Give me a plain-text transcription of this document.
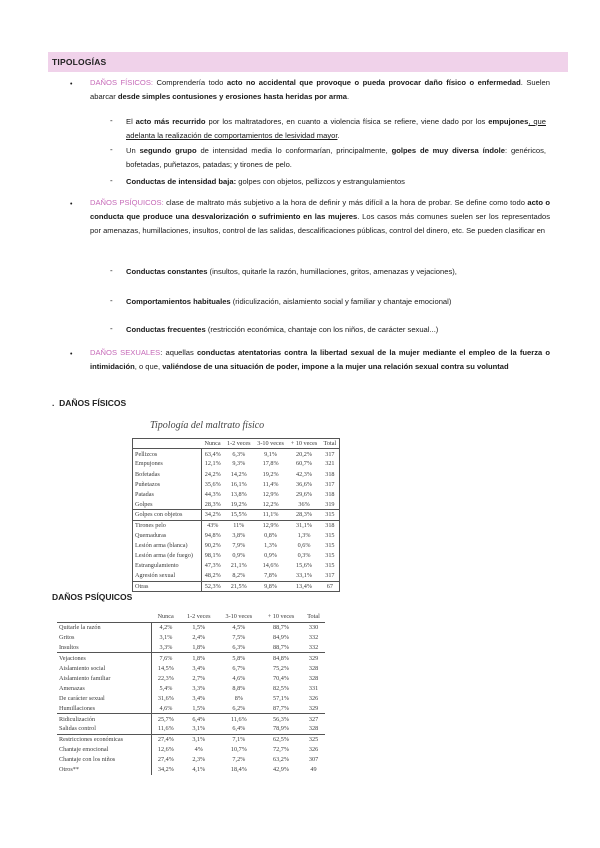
TIPOLOGÍAS
• DAÑOS FÍSICOS: Comprendería todo acto no accidental que provoque o pueda provocar daño físico o enfermedad. Suelen abarcar desde simples contusiones y erosiones hasta heridas por arma.

- El acto más recurrido por los maltratadores, en cuanto a violencia física se refiere, viene dado por los empujones, que adelanta la realización de comportamientos de lesividad mayor.

- Un segundo grupo de intensidad media lo conformarían, principalmente, golpes de muy diversa índole: genéricos, bofetadas, puñetazos, patadas; y tirones de pelo.

- Conductas de intensidad baja: golpes con objetos, pellizcos y estrangulamientos

• DAÑOS PSÍQUICOS: clase de maltrato más subjetivo a la hora de definir y más difícil a la hora de probar. Se define como todo acto o conducta que produce una desvalorización o sufrimiento en las mujeres. Los casos más comunes suelen ser los representados por amenazas, humillaciones, insultos, control de las salidas, descalificaciones públicas, control del dinero, etc. Se pueden clasificar en

- Conductas constantes (insultos, quitarle la razón, humillaciones, gritos, amenazas y vejaciones),

- Comportamientos habituales (ridiculización, aislamiento social y familiar y chantaje emocional)

- Conductas frecuentes (restricción económica, chantaje con los niños, de carácter sexual...)

• DAÑOS SEXUALES: aquellas conductas atentatorias contra la libertad sexual de la mujer mediante el empleo de la fuerza o intimidación, o que, valiéndose de una situación de poder, impone a la mujer una relación sexual contra su voluntad

.  DAÑOS FÍSICOS
Tipología del maltrato físico
	Nunca	1-2 veces	3-10 veces	+ 10 veces	Total
Pellizcos	63,4%	6,3%	9,1%	20,2%	317
Empujones	12,1%	9,3%	17,8%	60,7%	321
Bofetadas	24,2%	14,2%	19,2%	42,3%	318
Puñetazos	35,6%	16,1%	11,4%	36,6%	317
Patadas	44,3%	13,8%	12,9%	29,6%	318
Golpes	28,3%	19,2%	12,2%	36%	319
Golpes con objetos	34,2%	15,5%	11,1%	28,3%	315
Tirones pelo	43%	11%	12,9%	31,1%	318
Quemaduras	94,8%	3,8%	0,8%	1,3%	315
Lesión arma (blanca)	90,2%	7,9%	1,3%	0,6%	315
Lesión arma (de fuego)	98,1%	0,9%	0,9%	0,3%	315
Estrangulamiento	47,3%	21,1%	14,6%	15,6%	315
Agresión sexual	48,2%	8,2%	7,8%	33,1%	317
Otras	52,3%	21,5%	9,8%	13,4%	67
DAÑOS PSÍQUICOS
	Nunca	1-2 veces	3-10 veces	+ 10 veces	Total
Quitarle la razón	4,2%	1,5%	4,5%	88,7%	330
Gritos	3,1%	2,4%	7,5%	84,9%	332
Insultos	3,3%	1,8%	6,3%	88,7%	332
Vejaciones	7,6%	1,8%	5,8%	84,8%	329
Aislamiento social	14,5%	3,4%	6,7%	75,2%	328
Aislamiento familiar	22,3%	2,7%	4,6%	70,4%	328
Amenazas	5,4%	3,3%	8,8%	82,5%	331
De carácter sexual	31,6%	3,4%	8%	57,1%	326
Humillaciones	4,6%	1,5%	6,2%	87,7%	329
Ridiculización	25,7%	6,4%	11,6%	56,3%	327
Salidas control	11,6%	3,1%	6,4%	78,9%	328
Restricciones económicas	27,4%	3,1%	7,1%	62,5%	325
Chantaje emocional	12,6%	4%	10,7%	72,7%	326
Chantaje con los niños	27,4%	2,3%	7,2%	63,2%	307
Otros**	34,2%	4,1%	18,4%	42,9%	49
